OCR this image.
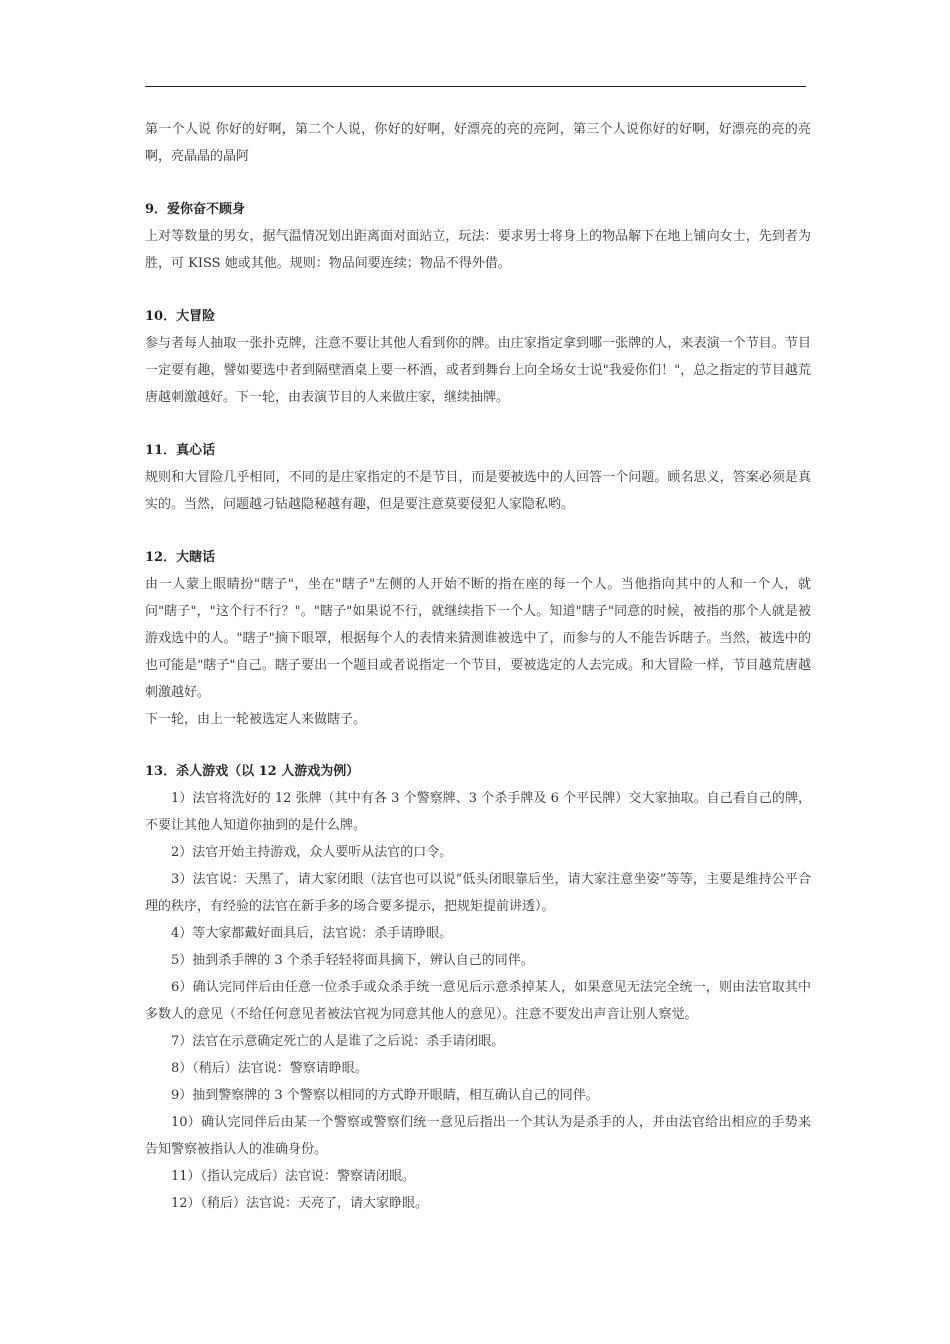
第一个人说 你好的好啊，第二个人说，你好的好啊，好漂亮的亮的亮阿，第三个人说你好的好啊，好漂亮的亮的亮啊，亮晶晶的晶阿

9．爱你奋不顾身

上对等数量的男女，据气温情况划出距离面对面站立，玩法：要求男士将身上的物品解下在地上铺向女士，先到者为胜，可 KISS 她或其他。规则：物品间要连续；物品不得外借。

10．大冒险

参与者每人抽取一张扑克牌，注意不要让其他人看到你的牌。由庄家指定拿到哪一张牌的人，来表演一个节目。节目一定要有趣，譬如要选中者到隔壁酒桌上要一杯酒，或者到舞台上向全场女士说"我爱你们！"，总之指定的节目越荒唐越刺激越好。下一轮，由表演节目的人来做庄家，继续抽牌。

11．真心话

规则和大冒险几乎相同，不同的是庄家指定的不是节目，而是要被选中的人回答一个问题。顾名思义，答案必须是真实的。当然，问题越刁钻越隐秘越有趣，但是要注意莫要侵犯人家隐私哟。

12．大瞎话

由一人蒙上眼睛扮"瞎子"，坐在"瞎子"左侧的人开始不断的指在座的每一个人。当他指向其中的人和一个人，就问"瞎子"，"这个行不行？"。"瞎子"如果说不行，就继续指下一个人。知道"瞎子"同意的时候，被指的那个人就是被游戏选中的人。"瞎子"摘下眼罩，根据每个人的表情来猜测谁被选中了，而参与的人不能告诉瞎子。当然，被选中的也可能是"瞎子"自己。瞎子要出一个题目或者说指定一个节目，要被选定的人去完成。和大冒险一样，节目越荒唐越刺激越好。

下一轮，由上一轮被选定人来做瞎子。

13．杀人游戏（以 12 人游戏为例）

1）法官将洗好的 12 张牌（其中有各 3 个警察牌、3 个杀手牌及 6 个平民牌）交大家抽取。自己看自己的牌，不要让其他人知道你抽到的是什么牌。

2）法官开始主持游戏，众人要听从法官的口令。

3）法官说：天黑了，请大家闭眼（法官也可以说“低头闭眼靠后坐，请大家注意坐姿”等等，主要是维持公平合理的秩序，有经验的法官在新手多的场合要多提示，把规矩提前讲透）。

4）等大家都戴好面具后，法官说：杀手请睁眼。

5）抽到杀手牌的 3 个杀手轻轻将面具摘下，辨认自己的同伴。

6）确认完同伴后由任意一位杀手或众杀手统一意见后示意杀掉某人，如果意见无法完全统一，则由法官取其中多数人的意见（不给任何意见者被法官视为同意其他人的意见）。注意不要发出声音让别人察觉。

7）法官在示意确定死亡的人是谁了之后说：杀手请闭眼。

8）（稍后）法官说：警察请睁眼。

9）抽到警察牌的 3 个警察以相同的方式睁开眼睛，相互确认自己的同伴。

10）确认完同伴后由某一个警察或警察们统一意见后指出一个其认为是杀手的人，并由法官给出相应的手势来告知警察被指认人的准确身份。

11）（指认完成后）法官说：警察请闭眼。

12）（稍后）法官说：天亮了，请大家睁眼。
